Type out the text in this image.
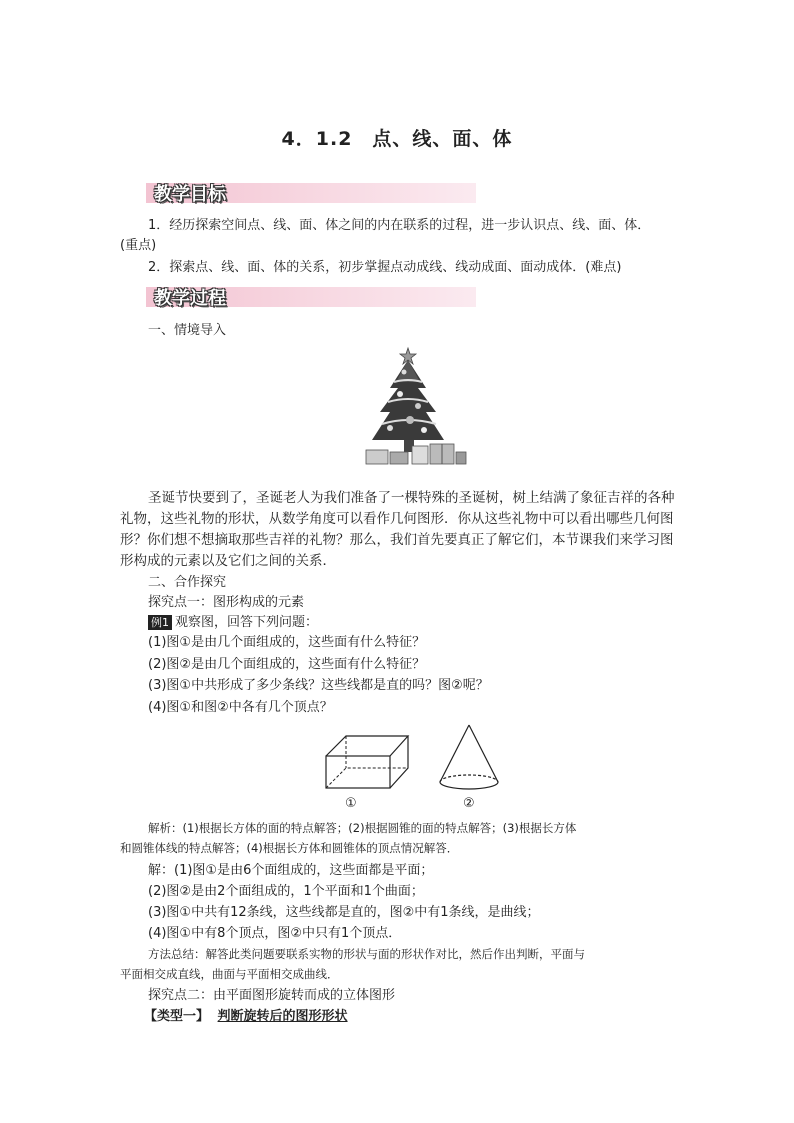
4．1.2　点、线、面、体
教学目标
1．经历探索空间点、线、面、体之间的内在联系的过程，进一步认识点、线、面、体．
(重点)
2．探索点、线、面、体的关系，初步掌握点动成线、线动成面、面动成体．(难点)
教学过程
一、情境导入
圣诞节快要到了，圣诞老人为我们准备了一棵特殊的圣诞树，树上结满了象征吉祥的各种礼物，这些礼物的形状，从数学角度可以看作几何图形．你从这些礼物中可以看出哪些几何图形？你们想不想摘取那些吉祥的礼物？那么，我们首先要真正了解它们，本节课我们来学习图形构成的元素以及它们之间的关系．
二、合作探究
探究点一：图形构成的元素
例1 观察图，回答下列问题：
(1)图①是由几个面组成的，这些面有什么特征？
(2)图②是由几个面组成的，这些面有什么特征？
(3)图①中共形成了多少条线？这些线都是直的吗？图②呢？
(4)图①和图②中各有几个顶点？
①	②
解析：(1)根据长方体的面的特点解答；(2)根据圆锥的面的特点解答；(3)根据长方体
和圆锥体线的特点解答；(4)根据长方体和圆锥体的顶点情况解答．
解：(1)图①是由6个面组成的，这些面都是平面；
(2)图②是由2个面组成的，1个平面和1个曲面；
(3)图①中共有12条线，这些线都是直的，图②中有1条线，是曲线；
(4)图①中有8个顶点，图②中只有1个顶点．
方法总结：解答此类问题要联系实物的形状与面的形状作对比，然后作出判断，平面与
平面相交成直线，曲面与平面相交成曲线．
探究点二：由平面图形旋转而成的立体图形
【类型一】 判断旋转后的图形形状
